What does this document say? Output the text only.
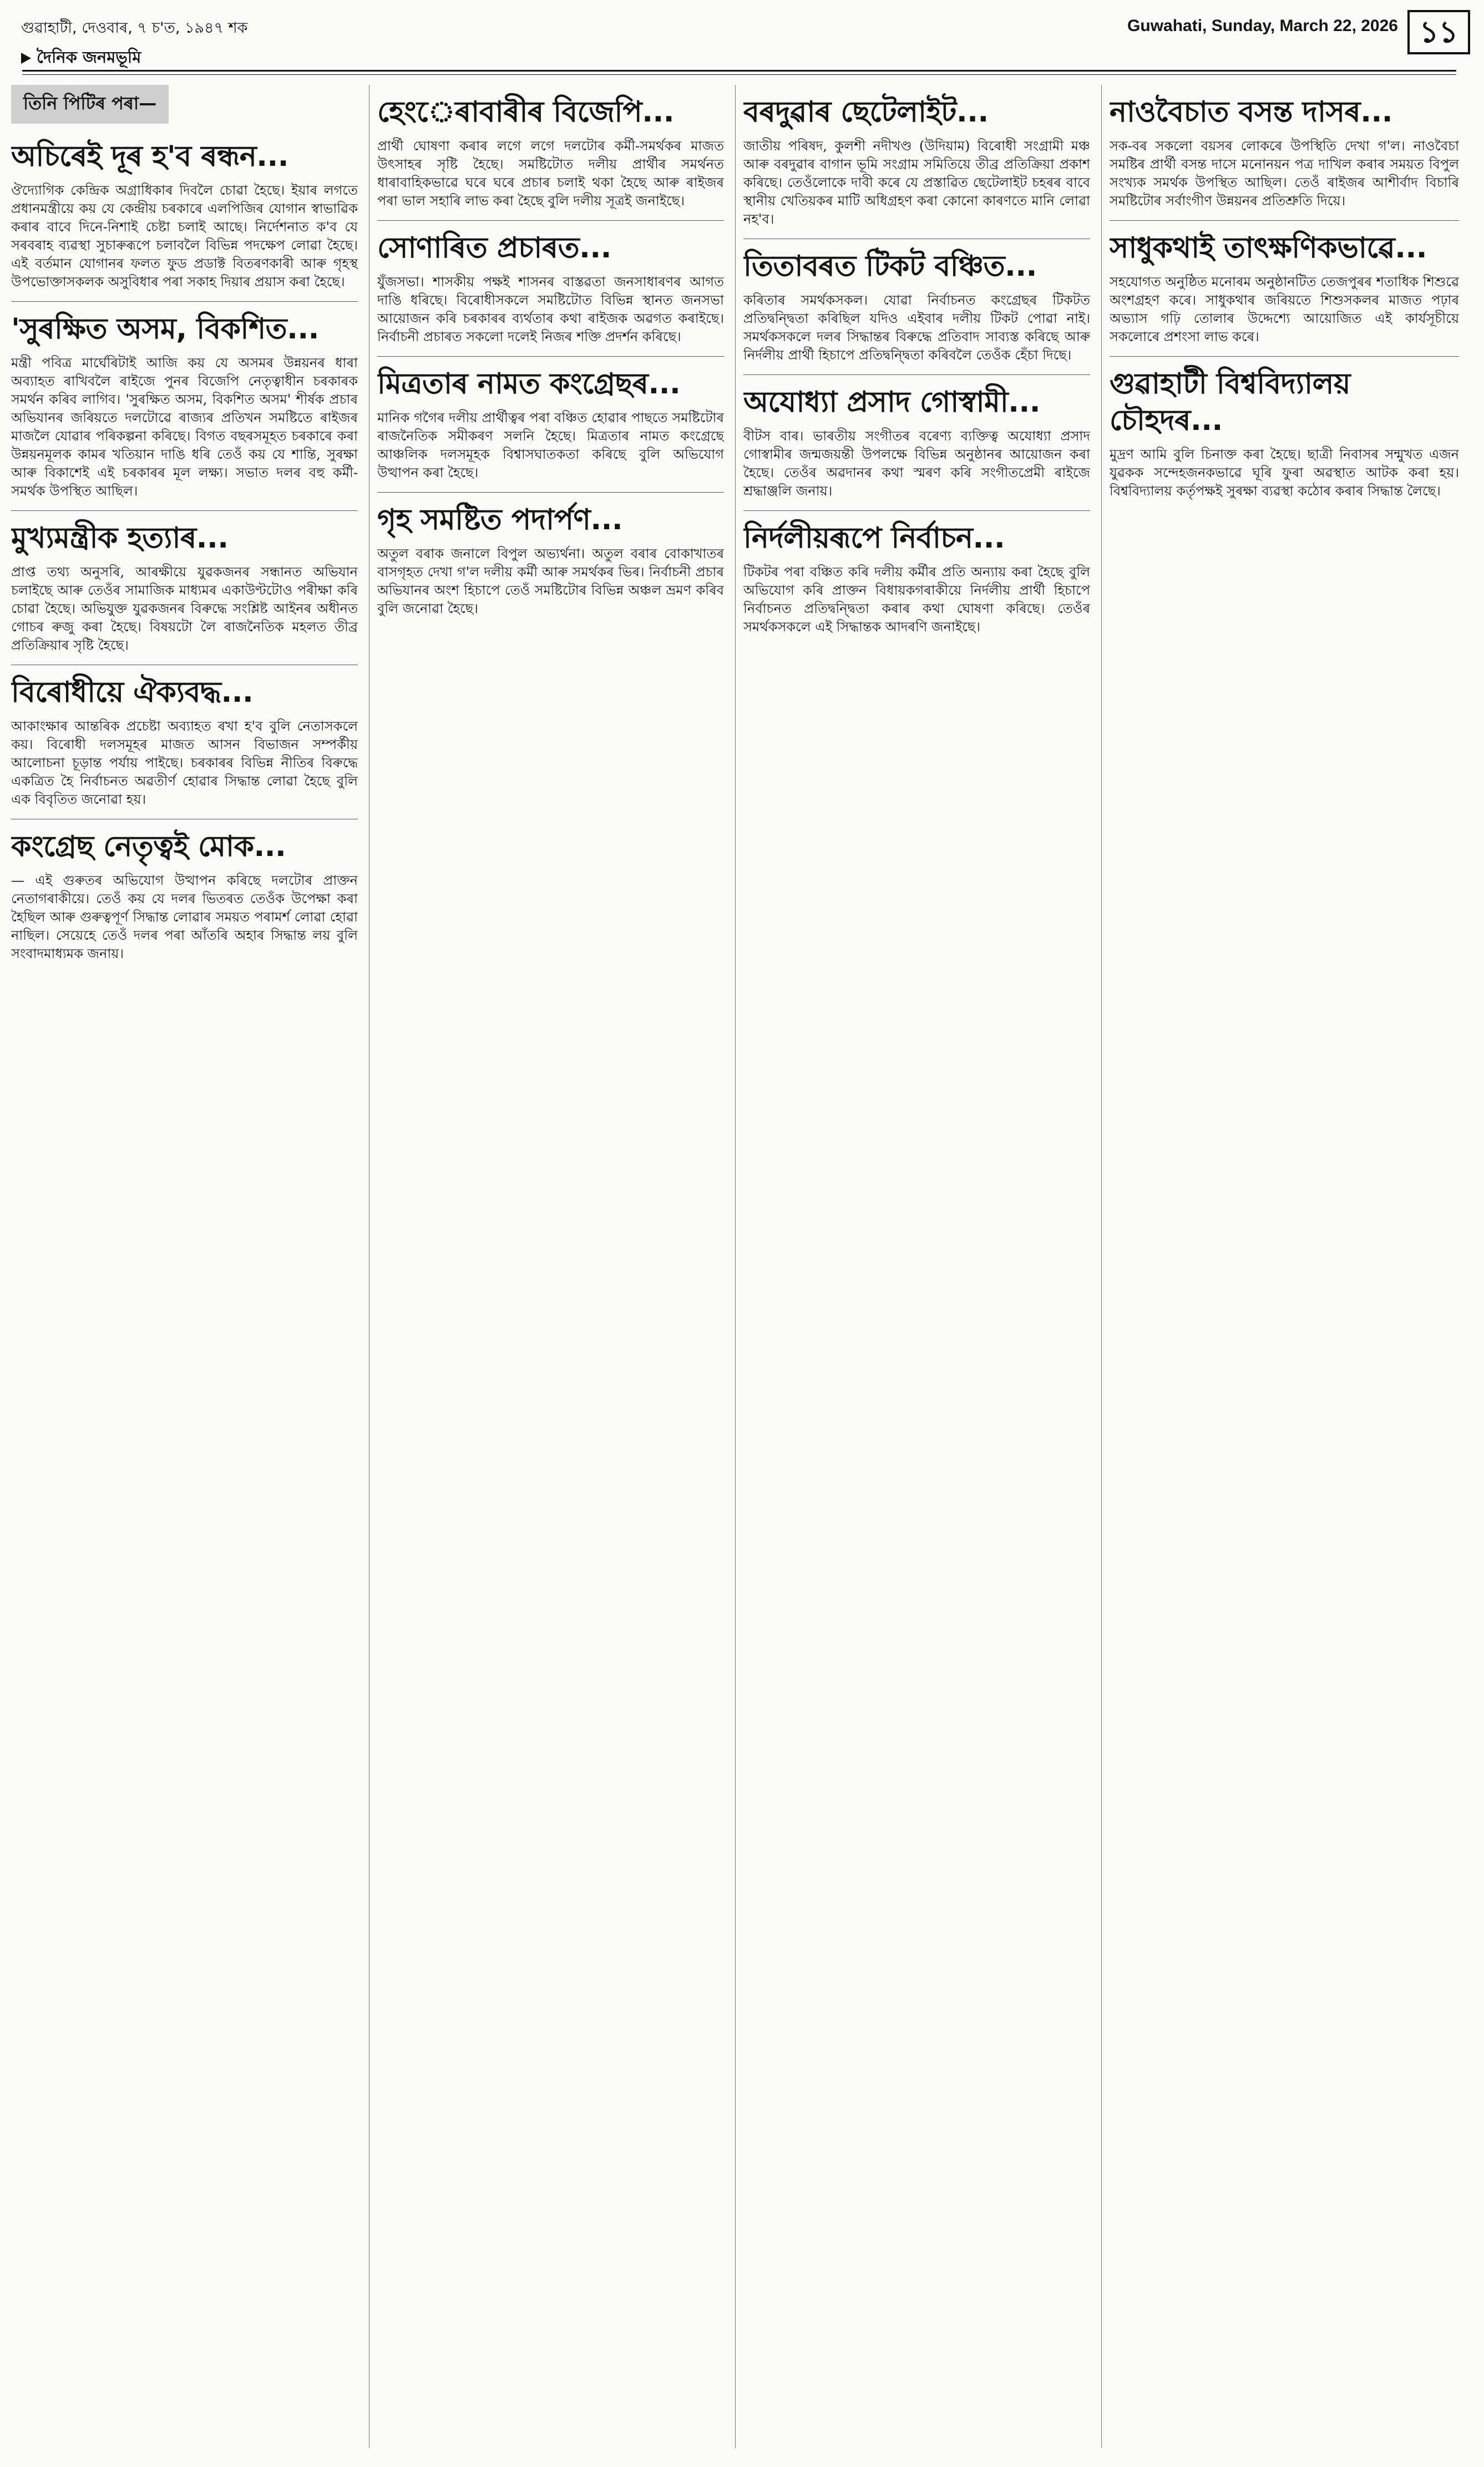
গুৱাহাটী, দেওবাৰ, ৭ চ'ত, ১৯৪৭ শক	Guwahati, Sunday, March 22, 2026 ১১
দৈনিক জনমভূমি
তিনি পিটিৰ পৰা—
অচিৰেই দূৰ হ'ব ৰন্ধন...

ঔদ্যোগিক কেন্দ্রিক অগ্রাধিকাৰ দিবলৈ চোৱা হৈছে। ইয়াৰ লগতে প্রধানমন্ত্রীয়ে কয় যে কেন্দ্ৰীয় চৰকাৰে এলপিজিৰ যোগান স্বাভাৱিক কৰাৰ বাবে দিনে-নিশাই চেষ্টা চলাই আছে। নির্দেশনাত ক'ব যে সৰবৰাহ ব্যৱস্থা সুচাৰুৰূপে চলাবলৈ বিভিন্ন পদক্ষেপ লোৱা হৈছে। এই বৰ্তমান যোগানৰ ফলত ফুড প্ৰডাক্ট বিতৰণকাৰী আৰু গৃহস্থ উপভোক্তাসকলক অসুবিধাৰ পৰা সকাহ দিয়াৰ প্রয়াস কৰা হৈছে।

'সুৰক্ষিত অসম, বিকশিত...

মন্ত্ৰী পবিত্ৰ মাৰ্ঘেৰিটাই আজি কয় যে অসমৰ উন্নয়নৰ ধাৰা অব্যাহত ৰাখিবলৈ ৰাইজে পুনৰ বিজেপি নেতৃত্বাধীন চৰকাৰক সমৰ্থন কৰিব লাগিব। 'সুৰক্ষিত অসম, বিকশিত অসম' শীৰ্ষক প্ৰচাৰ অভিযানৰ জৰিয়তে দলটোৱে ৰাজ্যৰ প্ৰতিখন সমষ্টিতে ৰাইজৰ মাজলৈ যোৱাৰ পৰিকল্পনা কৰিছে। বিগত বছৰসমূহত চৰকাৰে কৰা উন্নয়নমূলক কামৰ খতিয়ান দাঙি ধৰি তেওঁ কয় যে শান্তি, সুৰক্ষা আৰু বিকাশেই এই চৰকাৰৰ মূল লক্ষ্য। সভাত দলৰ বহু কৰ্মী-সমৰ্থক উপস্থিত আছিল।

মুখ্যমন্ত্ৰীক হত্যাৰ...

প্ৰাপ্ত তথ্য অনুসৰি, আৰক্ষীয়ে যুৱকজনৰ সন্ধানত অভিযান চলাইছে আৰু তেওঁৰ সামাজিক মাধ্যমৰ একাউণ্টটোও পৰীক্ষা কৰি চোৱা হৈছে। অভিযুক্ত যুৱকজনৰ বিৰুদ্ধে সংশ্লিষ্ট আইনৰ অধীনত গোচৰ ৰুজু কৰা হৈছে। বিষয়টো লৈ ৰাজনৈতিক মহলত তীব্ৰ প্ৰতিক্ৰিয়াৰ সৃষ্টি হৈছে।

বিৰোধীয়ে ঐক্যবদ্ধ...

আকাংক্ষাৰ আন্তৰিক প্ৰচেষ্টা অব্যাহত ৰখা হ'ব বুলি নেতাসকলে কয়। বিৰোধী দলসমূহৰ মাজত আসন বিভাজন সম্পৰ্কীয় আলোচনা চূড়ান্ত পৰ্যায় পাইছে। চৰকাৰৰ বিভিন্ন নীতিৰ বিৰুদ্ধে একত্ৰিত হৈ নিৰ্বাচনত অৱতীৰ্ণ হোৱাৰ সিদ্ধান্ত লোৱা হৈছে বুলি এক বিবৃতিত জনোৱা হয়।

কংগ্ৰেছ নেতৃত্বই মোক...

— এই গুৰুতৰ অভিযোগ উত্থাপন কৰিছে দলটোৰ প্ৰাক্তন নেতাগৰাকীয়ে। তেওঁ কয় যে দলৰ ভিতৰত তেওঁক উপেক্ষা কৰা হৈছিল আৰু গুৰুত্বপূৰ্ণ সিদ্ধান্ত লোৱাৰ সময়ত পৰামৰ্শ লোৱা হোৱা নাছিল। সেয়েহে তেওঁ দলৰ পৰা আঁতৰি অহাৰ সিদ্ধান্ত লয় বুলি সংবাদমাধ্যমক জনায়।

হেংেৰাবাৰীৰ বিজেপি...

প্ৰাৰ্থী ঘোষণা কৰাৰ লগে লগে দলটোৰ কৰ্মী-সমৰ্থকৰ মাজত উৎসাহৰ সৃষ্টি হৈছে। সমষ্টিটোত দলীয় প্ৰাৰ্থীৰ সমৰ্থনত ধাৰাবাহিকভাৱে ঘৰে ঘৰে প্ৰচাৰ চলাই থকা হৈছে আৰু ৰাইজৰ পৰা ভাল সহাৰি লাভ কৰা হৈছে বুলি দলীয় সূত্ৰই জনাইছে।

সোণাৰিত প্ৰচাৰত...

যুঁজসভা। শাসকীয় পক্ষই শাসনৰ বাস্তৱতা জনসাধাৰণৰ আগত দাঙি ধৰিছে। বিৰোধীসকলে সমষ্টিটোত বিভিন্ন স্থানত জনসভা আয়োজন কৰি চৰকাৰৰ ব্যৰ্থতাৰ কথা ৰাইজক অৱগত কৰাইছে। নিৰ্বাচনী প্ৰচাৰত সকলো দলেই নিজৰ শক্তি প্ৰদৰ্শন কৰিছে।

মিত্ৰতাৰ নামত কংগ্ৰেছৰ...

মানিক গগৈৰ দলীয় প্ৰাৰ্থীত্বৰ পৰা বঞ্চিত হোৱাৰ পাছতে সমষ্টিটোৰ ৰাজনৈতিক সমীকৰণ সলনি হৈছে। মিত্ৰতাৰ নামত কংগ্ৰেছে আঞ্চলিক দলসমূহক বিশ্বাসঘাতকতা কৰিছে বুলি অভিযোগ উত্থাপন কৰা হৈছে।

গৃহ সমষ্টিত পদাৰ্পণ...

অতুল বৰাক জনালে বিপুল অভ্যৰ্থনা। অতুল বৰাৰ বোকাখাতৰ বাসগৃহত দেখা গ'ল দলীয় কৰ্মী আৰু সমৰ্থকৰ ভিৰ। নিৰ্বাচনী প্ৰচাৰ অভিযানৰ অংশ হিচাপে তেওঁ সমষ্টিটোৰ বিভিন্ন অঞ্চল ভ্ৰমণ কৰিব বুলি জনোৱা হৈছে।

বৰদুৱাৰ ছেটেলাইট...

জাতীয় পৰিষদ, কুলশী নদীখণ্ড (উদিয়াম) বিৰোধী সংগ্ৰামী মঞ্চ আৰু বৰদুৱাৰ বাগান ভূমি সংগ্ৰাম সমিতিয়ে তীব্ৰ প্ৰতিক্ৰিয়া প্ৰকাশ কৰিছে। তেওঁলোকে দাবী কৰে যে প্ৰস্তাৱিত ছেটেলাইট চহৰৰ বাবে স্থানীয় খেতিয়কৰ মাটি অধিগ্ৰহণ কৰা কোনো কাৰণতে মানি লোৱা নহ'ব।

তিতাবৰত টিকট বঞ্চিত...

কৰিতাৰ সমৰ্থকসকল। যোৱা নিৰ্বাচনত কংগ্ৰেছৰ টিকটত প্ৰতিদ্বন্দ্বিতা কৰিছিল যদিও এইবাৰ দলীয় টিকট পোৱা নাই। সমৰ্থকসকলে দলৰ সিদ্ধান্তৰ বিৰুদ্ধে প্ৰতিবাদ সাব্যস্ত কৰিছে আৰু নিৰ্দলীয় প্ৰাৰ্থী হিচাপে প্ৰতিদ্বন্দ্বিতা কৰিবলৈ তেওঁক হেঁচা দিছে।

অযোধ্যা প্ৰসাদ গোস্বামী...

বীটস বাৰ। ভাৰতীয় সংগীতৰ বৰেণ্য ব্যক্তিত্ব অযোধ্যা প্ৰসাদ গোস্বামীৰ জন্মজয়ন্তী উপলক্ষে বিভিন্ন অনুষ্ঠানৰ আয়োজন কৰা হৈছে। তেওঁৰ অৱদানৰ কথা স্মৰণ কৰি সংগীতপ্ৰেমী ৰাইজে শ্ৰদ্ধাঞ্জলি জনায়।

নিৰ্দলীয়ৰূপে নিৰ্বাচন...

টিকটৰ পৰা বঞ্চিত কৰি দলীয় কৰ্মীৰ প্ৰতি অন্যায় কৰা হৈছে বুলি অভিযোগ কৰি প্ৰাক্তন বিধায়কগৰাকীয়ে নিৰ্দলীয় প্ৰাৰ্থী হিচাপে নিৰ্বাচনত প্ৰতিদ্বন্দ্বিতা কৰাৰ কথা ঘোষণা কৰিছে। তেওঁৰ সমৰ্থকসকলে এই সিদ্ধান্তক আদৰণি জনাইছে।

নাওবৈচাত বসন্ত দাসৰ...

সক-বৰ সকলো বয়সৰ লোকৰে উপস্থিতি দেখা গ'ল। নাওবৈচা সমষ্টিৰ প্ৰাৰ্থী বসন্ত দাসে মনোনয়ন পত্ৰ দাখিল কৰাৰ সময়ত বিপুল সংখ্যক সমৰ্থক উপস্থিত আছিল। তেওঁ ৰাইজৰ আশীৰ্বাদ বিচাৰি সমষ্টিটোৰ সৰ্বাংগীণ উন্নয়নৰ প্ৰতিশ্ৰুতি দিয়ে।

সাধুকথাই তাৎক্ষণিকভাৱে...

সহযোগত অনুষ্ঠিত মনোৰম অনুষ্ঠানটিত তেজপুৰৰ শতাধিক শিশুৱে অংশগ্ৰহণ কৰে। সাধুকথাৰ জৰিয়তে শিশুসকলৰ মাজত পঢ়াৰ অভ্যাস গঢ়ি তোলাৰ উদ্দেশ্যে আয়োজিত এই কাৰ্যসূচীয়ে সকলোৰে প্ৰশংসা লাভ কৰে।

গুৱাহাটী বিশ্ববিদ্যালয় চৌহদৰ...

মুদ্ৰণ আমি বুলি চিনাক্ত কৰা হৈছে। ছাত্ৰী নিবাসৰ সন্মুখত এজন যুৱকক সন্দেহজনকভাৱে ঘূৰি ফুৰা অৱস্থাত আটক কৰা হয়। বিশ্ববিদ্যালয় কৰ্তৃপক্ষই সুৰক্ষা ব্যৱস্থা কঠোৰ কৰাৰ সিদ্ধান্ত লৈছে।
